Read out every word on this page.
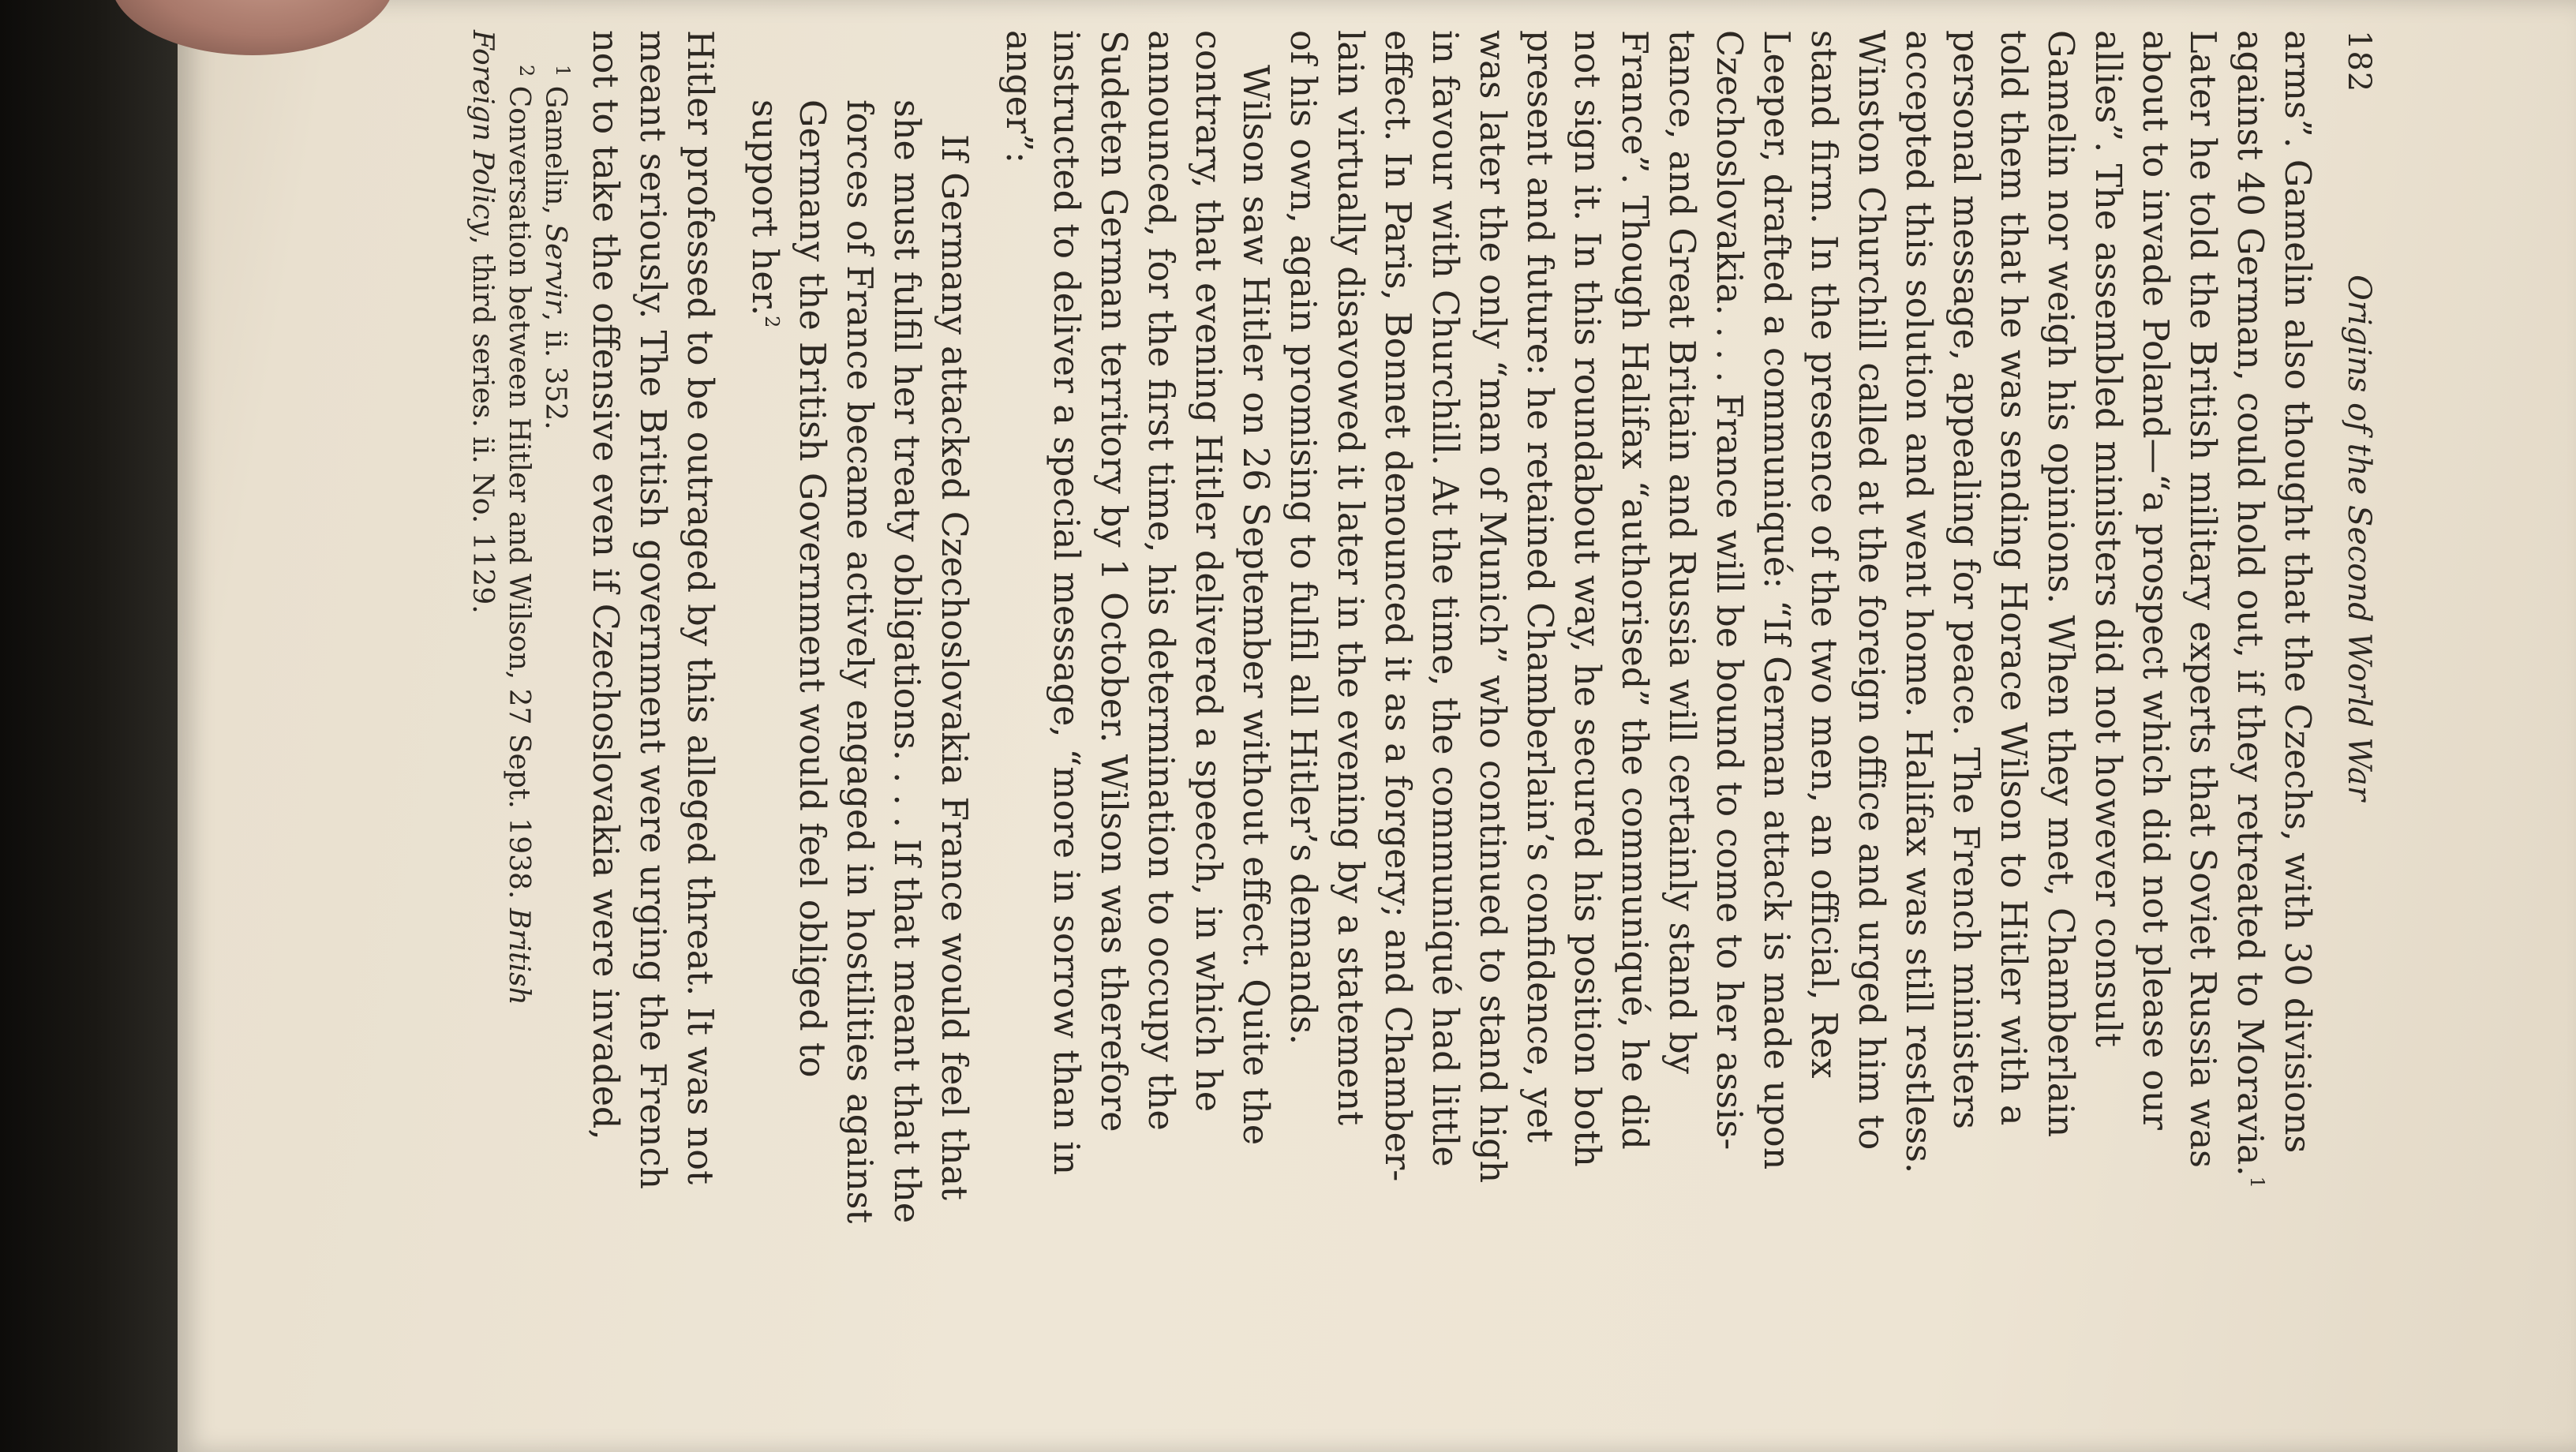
182
Origins of the Second World War
arms”. Gamelin also thought that the Czechs, with 30 divisions
against 40 German, could hold out, if they retreated to Moravia.$^1$
Later he told the British military experts that Soviet Russia was
about to invade Poland—“a prospect which did not please our
allies”. The assembled ministers did not however consult
Gamelin nor weigh his opinions. When they met, Chamberlain
told them that he was sending Horace Wilson to Hitler with a
personal message, appealing for peace. The French ministers
accepted this solution and went home. Halifax was still restless.
Winston Churchill called at the foreign office and urged him to
stand firm. In the presence of the two men, an official, Rex
Leeper, drafted a communiqué: “If German attack is made upon
Czechoslovakia. . . . France will be bound to come to her assis-
tance, and Great Britain and Russia will certainly stand by
France”. Though Halifax “authorised” the communiqué, he did
not sign it. In this roundabout way, he secured his position both
present and future: he retained Chamberlain’s confidence, yet
was later the only “man of Munich” who continued to stand high
in favour with Churchill. At the time, the communiqué had little
effect. In Paris, Bonnet denounced it as a forgery; and Chamber-
lain virtually disavowed it later in the evening by a statement
of his own, again promising to fulfil all Hitler’s demands.
Wilson saw Hitler on 26 September without effect. Quite the
contrary, that evening Hitler delivered a speech, in which he
announced, for the first time, his determination to occupy the
Sudeten German territory by 1 October. Wilson was therefore
instructed to deliver a special message, “more in sorrow than in
anger”:
If Germany attacked Czechoslovakia France would feel that
she must fulfil her treaty obligations. . . . If that meant that the
forces of France became actively engaged in hostilities against
Germany the British Government would feel obliged to
support her.$^2$
Hitler professed to be outraged by this alleged threat. It was not
meant seriously. The British government were urging the French
not to take the offensive even if Czechoslovakia were invaded,
$^1$ Gamelin, Servir, ii. 352.
$^2$ Conversation between Hitler and Wilson, 27 Sept. 1938. British
Foreign Policy, third series. ii. No. 1129.
